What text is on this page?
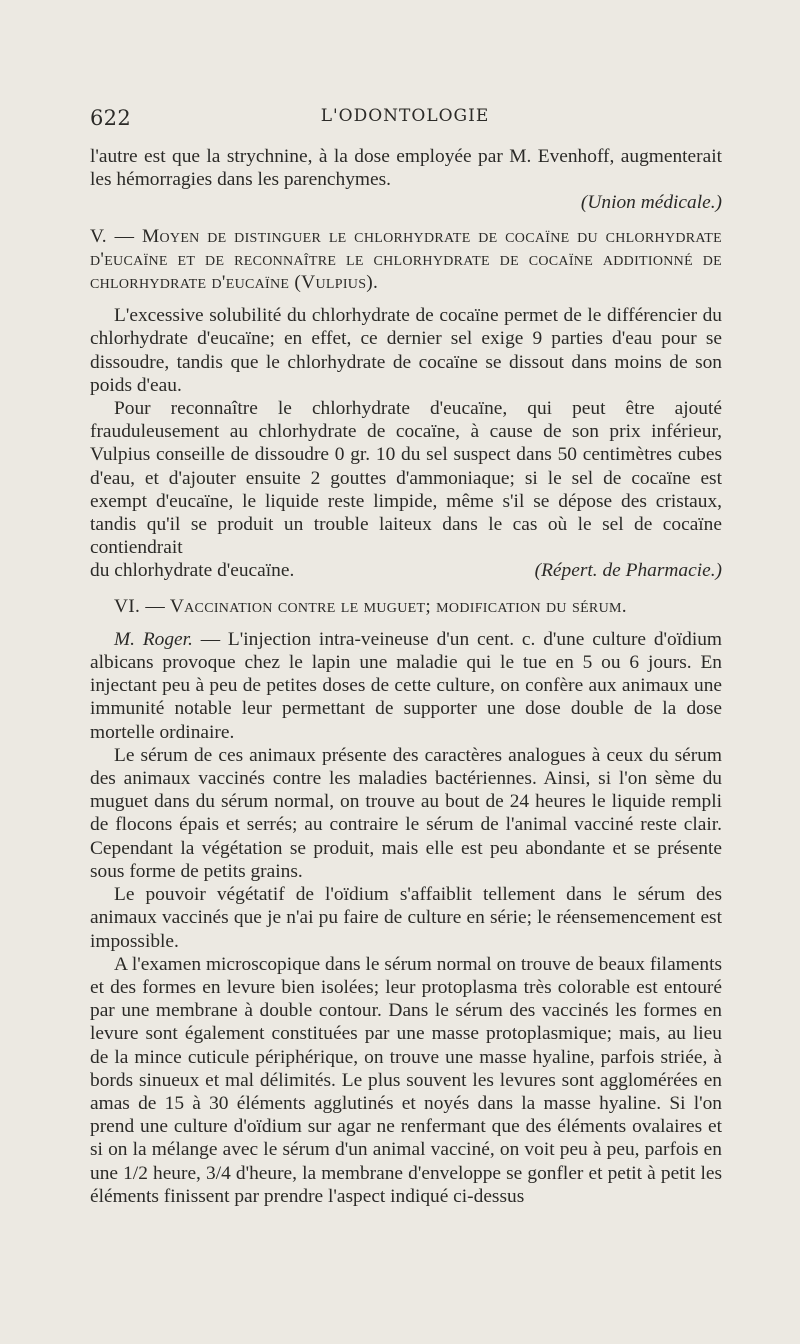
622	L'ODONTOLOGIE

l'autre est que la strychnine, à la dose employée par M. Evenhoff, augmenterait les hémorragies dans les parenchymes.

(Union médicale.)

V. — Moyen de distinguer le chlorhydrate de cocaïne du chlorhydrate d'eucaïne et de reconnaître le chlorhydrate de cocaïne additionné de chlorhydrate d'eucaïne (Vulpius).

L'excessive solubilité du chlorhydrate de cocaïne permet de le différencier du chlorhydrate d'eucaïne; en effet, ce dernier sel exige 9 parties d'eau pour se dissoudre, tandis que le chlorhydrate de cocaïne se dissout dans moins de son poids d'eau.

Pour reconnaître le chlorhydrate d'eucaïne, qui peut être ajouté frauduleusement au chlorhydrate de cocaïne, à cause de son prix inférieur, Vulpius conseille de dissoudre 0 gr. 10 du sel suspect dans 50 centimètres cubes d'eau, et d'ajouter ensuite 2 gouttes d'ammoniaque; si le sel de cocaïne est exempt d'eucaïne, le liquide reste limpide, même s'il se dépose des cristaux, tandis qu'il se produit un trouble laiteux dans le cas où le sel de cocaïne contiendrait

du chlorhydrate d'eucaïne.	(Répert. de Pharmacie.)

VI. — Vaccination contre le muguet; modification du sérum.

M. Roger. — L'injection intra-veineuse d'un cent. c. d'une culture d'oïdium albicans provoque chez le lapin une maladie qui le tue en 5 ou 6 jours. En injectant peu à peu de petites doses de cette culture, on confère aux animaux une immunité notable leur permettant de supporter une dose double de la dose mortelle ordinaire.

Le sérum de ces animaux présente des caractères analogues à ceux du sérum des animaux vaccinés contre les maladies bactériennes. Ainsi, si l'on sème du muguet dans du sérum normal, on trouve au bout de 24 heures le liquide rempli de flocons épais et serrés; au contraire le sérum de l'animal vacciné reste clair. Cependant la végétation se produit, mais elle est peu abondante et se présente sous forme de petits grains.

Le pouvoir végétatif de l'oïdium s'affaiblit tellement dans le sérum des animaux vaccinés que je n'ai pu faire de culture en série; le réensemencement est impossible.

A l'examen microscopique dans le sérum normal on trouve de beaux filaments et des formes en levure bien isolées; leur protoplasma très colorable est entouré par une membrane à double contour. Dans le sérum des vaccinés les formes en levure sont également constituées par une masse protoplasmique; mais, au lieu de la mince cuticule périphérique, on trouve une masse hyaline, parfois striée, à bords sinueux et mal délimités. Le plus souvent les levures sont agglomérées en amas de 15 à 30 éléments agglutinés et noyés dans la masse hyaline. Si l'on prend une culture d'oïdium sur agar ne renfermant que des éléments ovalaires et si on la mélange avec le sérum d'un animal vacciné, on voit peu à peu, parfois en une 1/2 heure, 3/4 d'heure, la membrane d'enveloppe se gonfler et petit à petit les éléments finissent par prendre l'aspect indiqué ci-dessus
